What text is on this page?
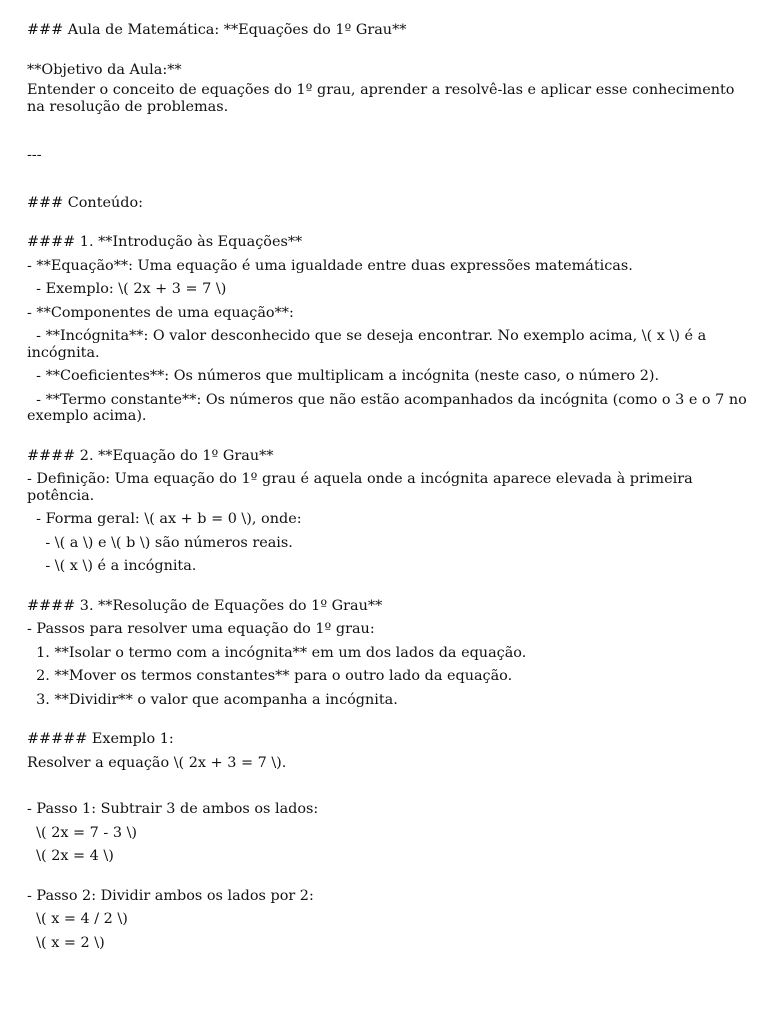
### Aula de Matemática: **Equações do 1º Grau**

**Objetivo da Aula:**

Entender o conceito de equações do 1º grau, aprender a resolvê-las e aplicar esse conhecimento na resolução de problemas.

---

### Conteúdo:

#### 1. **Introdução às Equações**

- **Equação**: Uma equação é uma igualdade entre duas expressões matemáticas.

- Exemplo: \( 2x + 3 = 7 \)

- **Componentes de uma equação**:

- **Incógnita**: O valor desconhecido que se deseja encontrar. No exemplo acima, \( x \) é a incógnita.

- **Coeficientes**: Os números que multiplicam a incógnita (neste caso, o número 2).

- **Termo constante**: Os números que não estão acompanhados da incógnita (como o 3 e o 7 no exemplo acima).

#### 2. **Equação do 1º Grau**

- Definição: Uma equação do 1º grau é aquela onde a incógnita aparece elevada à primeira potência.

- Forma geral: \( ax + b = 0 \), onde:

- \( a \) e \( b \) são números reais.

- \( x \) é a incógnita.

#### 3. **Resolução de Equações do 1º Grau**

- Passos para resolver uma equação do 1º grau:

1. **Isolar o termo com a incógnita** em um dos lados da equação.

2. **Mover os termos constantes** para o outro lado da equação.

3. **Dividir** o valor que acompanha a incógnita.

##### Exemplo 1:

Resolver a equação \( 2x + 3 = 7 \).

- Passo 1: Subtrair 3 de ambos os lados:

\( 2x = 7 - 3 \)

\( 2x = 4 \)

- Passo 2: Dividir ambos os lados por 2:

\( x = 4 / 2 \)

\( x = 2 \)
